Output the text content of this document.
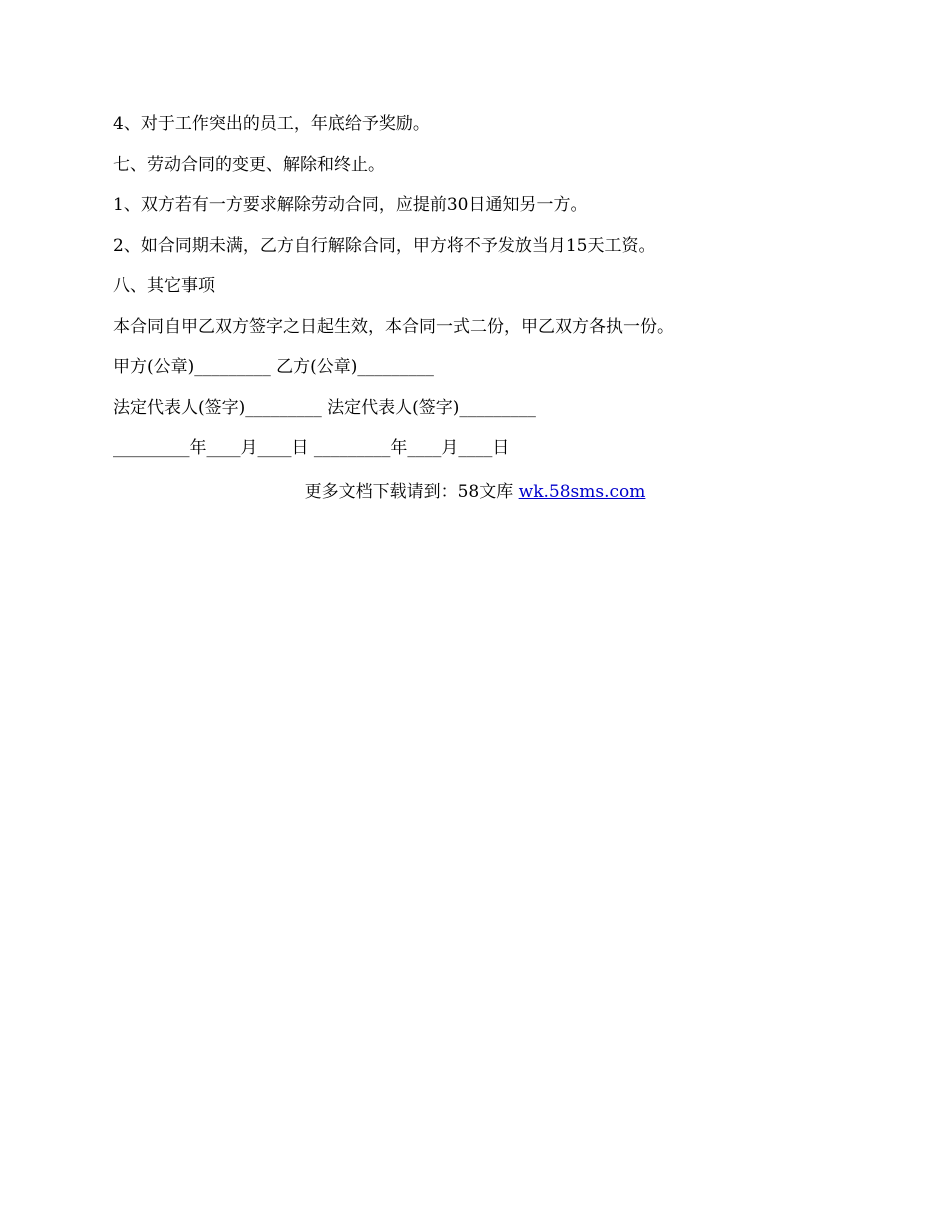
4、对于工作突出的员工，年底给予奖励。

七、劳动合同的变更、解除和终止。

1、双方若有一方要求解除劳动合同，应提前30日通知另一方。

2、如合同期未满，乙方自行解除合同，甲方将不予发放当月15天工资。

八、其它事项

本合同自甲乙双方签字之日起生效，本合同一式二份，甲乙双方各执一份。

甲方(公章)_________ 乙方(公章)_________

法定代表人(签字)_________ 法定代表人(签字)_________

_________年____月____日 _________年____月____日

更多文档下载请到：58文库 wk.58sms.com
